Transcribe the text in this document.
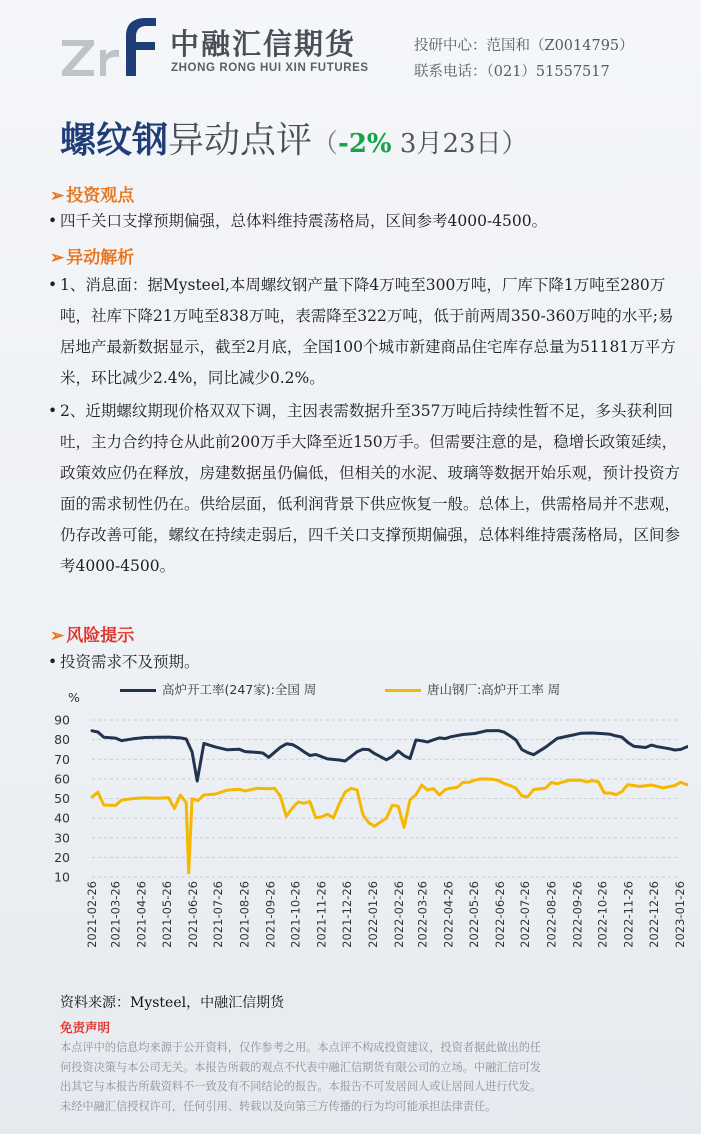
中融汇信期货
ZHONG RONG HUI XIN FUTURES
投研中心：范国和（Z0014795）
联系电话：（021）51557517
螺纹钢异动点评（-2% 3月23日）
➢ 投资观点
• 四千关口支撑预期偏强，总体料维持震荡格局，区间参考4000-4500。
➢ 异动解析
• 1、消息面：据Mysteel,本周螺纹钢产量下降4万吨至300万吨，厂库下降1万吨至280万吨，社库下降21万吨至838万吨，表需降至322万吨，低于前两周350-360万吨的水平;易居地产最新数据显示，截至2月底，全国100个城市新建商品住宅库存总量为51181万平方米，环比减少2.4%，同比减少0.2%。
• 2、近期螺纹期现价格双双下调，主因表需数据升至357万吨后持续性暂不足，多头获利回吐，主力合约持仓从此前200万手大降至近150万手。但需要注意的是，稳增长政策延续，政策效应仍在释放，房建数据虽仍偏低，但相关的水泥、玻璃等数据开始乐观，预计投资方面的需求韧性仍在。供给层面，低利润背景下供应恢复一般。总体上，供需格局并不悲观，仍存改善可能，螺纹在持续走弱后，四千关口支撑预期偏强，总体料维持震荡格局，区间参考4000-4500。
➢ 风险提示
• 投资需求不及预期。
高炉开工率(247家):全国 周	唐山钢厂:高炉开工率 周
%
90
80
70
60
50
40
30
20
10
2021-02-26 2021-03-26 2021-04-26 2021-05-26 2021-06-26 2021-07-26 2021-08-26 2021-09-26 2021-10-26 2021-11-26 2021-12-26 2022-01-26 2022-02-26 2022-03-26 2022-04-26 2022-05-26 2022-06-26 2022-07-26 2022-08-26 2022-09-26 2022-10-26 2022-11-26 2022-12-26 2023-01-26
资料来源：Mysteel，中融汇信期货
免责声明
本点评中的信息均来源于公开资料，仅作参考之用。本点评不构成投资建议，投资者据此做出的任
何投资决策与本公司无关。本报告所载的观点不代表中融汇信期货有限公司的立场。中融汇信可发
出其它与本报告所载资料不一致及有不同结论的报告。本报告不可发居间人或让居间人进行代发。
未经中融汇信授权许可，任何引用、转载以及向第三方传播的行为均可能承担法律责任。
